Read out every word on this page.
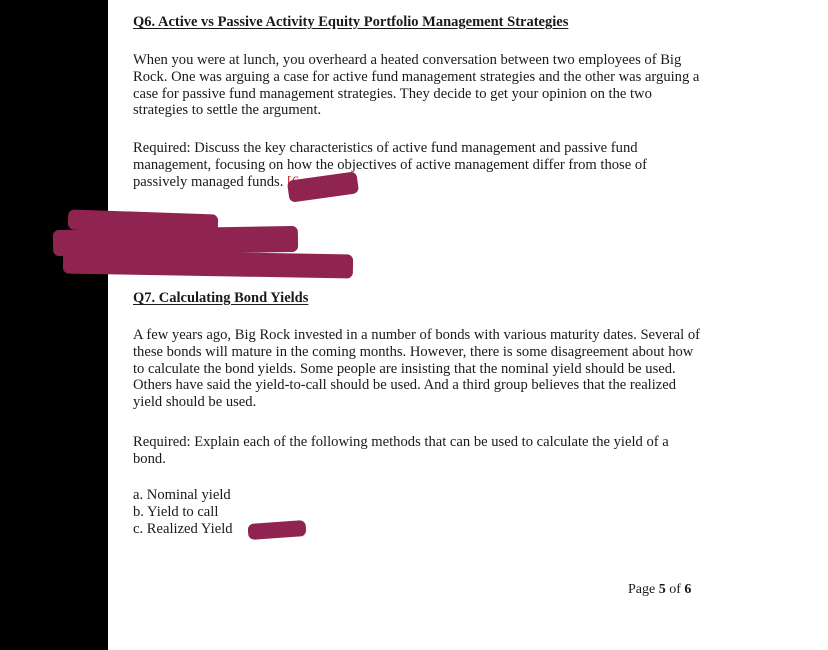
Q6. Active vs Passive Activity Equity Portfolio Management Strategies

When you were at lunch, you overheard a heated conversation between two employees of Big Rock. One was arguing a case for active fund management strategies and the other was arguing a case for passive fund management strategies. They decide to get your opinion on the two strategies to settle the argument.

Required: Discuss the key characteristics of active fund management and passive fund management, focusing on how the objectives of active management differ from those of passively managed funds.

Q7. Calculating Bond Yields

A few years ago, Big Rock invested in a number of bonds with various maturity dates. Several of these bonds will mature in the coming months. However, there is some disagreement about how to calculate the bond yields. Some people are insisting that the nominal yield should be used. Others have said the yield-to-call should be used. And a third group believes that the realized yield should be used.

Required: Explain each of the following methods that can be used to calculate the yield of a bond.

a. Nominal yield
b. Yield to call
c. Realized Yield
Page 5 of 6
